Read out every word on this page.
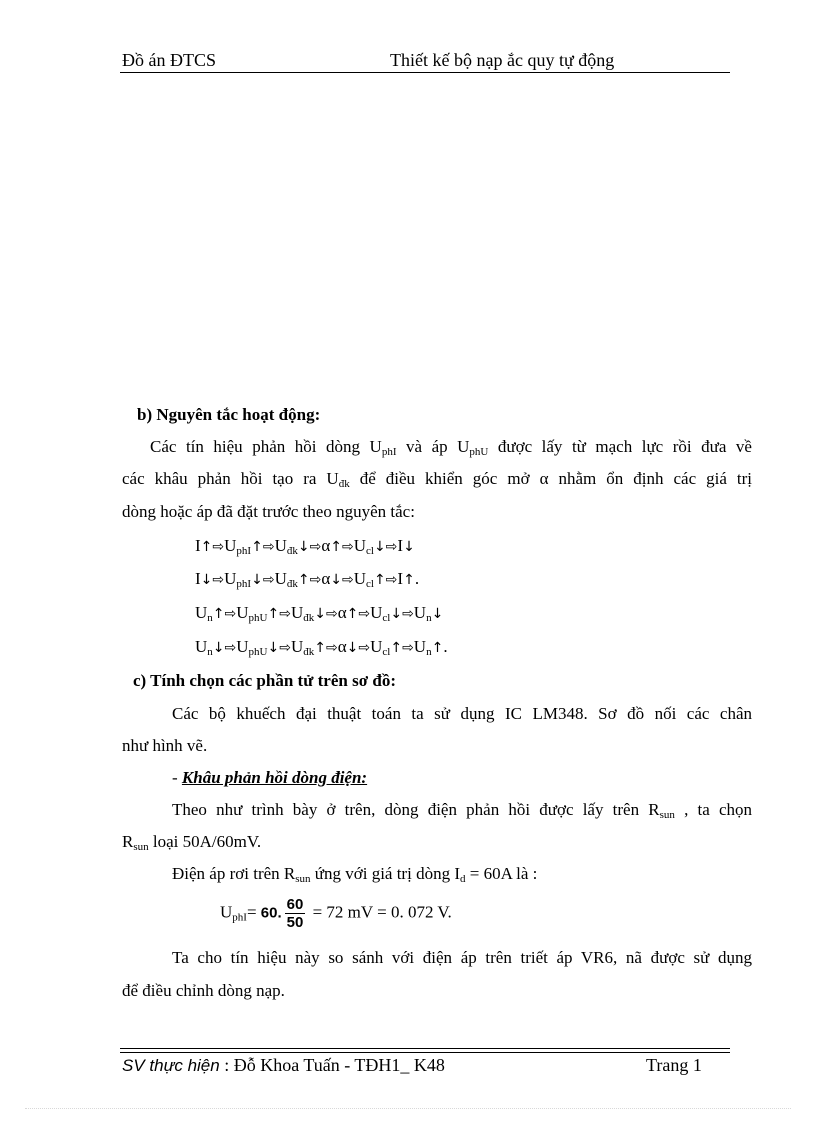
Đồ án ĐTCS	Thiết kế bộ nạp ắc quy tự động
b) Nguyên tắc hoạt động:
Các tín hiệu phản hồi dòng $U_{phI}$ và áp $U_{phU}$ được lấy từ mạch lực rồi đưa về
các khâu phản hồi tạo ra $U_{đk}$ để điều khiển góc mở α nhằm ổn định các giá trị
dòng hoặc áp đã đặt trước theo nguyên tắc:
$I↑⇨U_{phI}↑⇨U_{đk}↓⇨\alpha↑⇨U_{cl}↓⇨I↓$
$I↓⇨U_{phI}↓⇨U_{đk}↑⇨\alpha↓⇨U_{cl}↑⇨I↑$.
$U_n↑⇨U_{phU}↑⇨U_{đk}↓⇨\alpha↑⇨U_{cl}↓⇨U_n↓$
$U_n↓⇨U_{phU}↓⇨U_{đk}↑⇨\alpha↓⇨U_{cl}↑⇨U_n↑$.
c) Tính chọn các phần tử trên sơ đồ:
Các bộ khuếch đại thuật toán ta sử dụng IC LM348. Sơ đồ nối các chân
như hình vẽ.
- Khâu phản hồi dòng điện:
Theo như trình bày ở trên, dòng điện phản hồi được lấy trên $R_{sun}$ , ta chọn
$R_{sun}$ loại 50A/60mV.
Điện áp rơi trên $R_{sun}$ ứng với giá trị dòng $I_d = 60A$ là :
$U_{phI}= 60$. $\frac{60}{50} = 72$ mV = 0. 072 V.
Ta cho tín hiệu này so sánh với điện áp trên triết áp VR6, nã được sử dụng
để điều chỉnh dòng nạp.
SV thực hiện : Đỗ Khoa Tuấn - TĐH1_ K48	Trang 1
